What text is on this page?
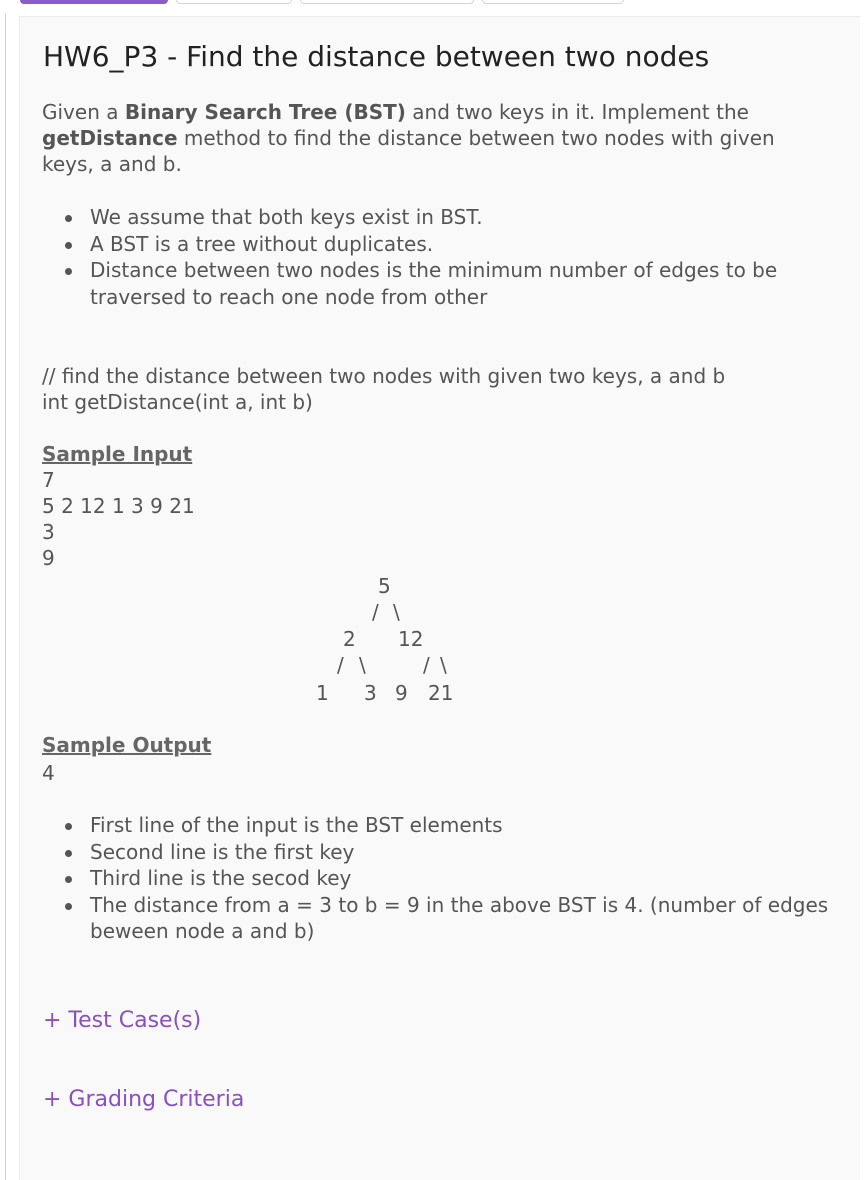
HW6_P3 - Find the distance between two nodes

Given a Binary Search Tree (BST) and two keys in it. Implement the getDistance method to find the distance between two nodes with given keys, a and b.

We assume that both keys exist in BST.
A BST is a tree without duplicates.
Distance between two nodes is the minimum number of edges to be traversed to reach one node from other
// find the distance between two nodes with given two keys, a and b
int getDistance(int a, int b)
Sample Input
7
5 2 12 1 3 9 21
3
9
5
/ \
2 12
/ \	/ \
1 3 9 21
Sample Output
4
First line of the input is the BST elements
Second line is the first key
Third line is the secod key
The distance from a = 3 to b = 9 in the above BST is 4. (number of edges beween node a and b)
+ Test Case(s)
+ Grading Criteria
